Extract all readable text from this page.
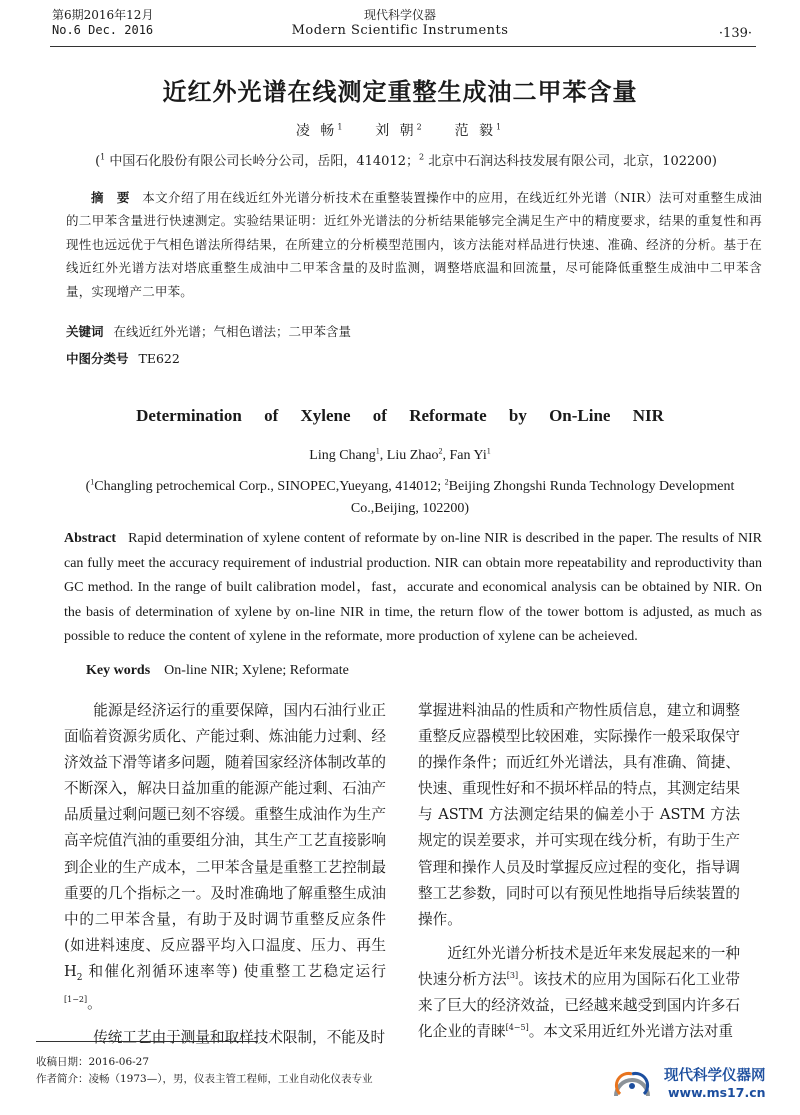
第6期2016年12月
No.6 Dec. 2016
现代科学仪器
Modern Scientific Instruments	·139·
近红外光谱在线测定重整生成油二甲苯含量
凌 畅$^1$ 刘 朝$^2$ 范 毅$^1$
($^1$ 中国石化股份有限公司长岭分公司，岳阳，414012；$^2$ 北京中石润达科技发展有限公司，北京，102200)
摘　要 本文介绍了用在线近红外光谱分析技术在重整装置操作中的应用，在线近红外光谱（NIR）法可对重整生成油的二甲苯含量进行快速测定。实验结果证明：近红外光谱法的分析结果能够完全满足生产中的精度要求，结果的重复性和再现性也远远优于气相色谱法所得结果，在所建立的分析模型范围内，该方法能对样品进行快速、准确、经济的分析。基于在线近红外光谱方法对塔底重整生成油中二甲苯含量的及时监测，调整塔底温和回流量，尽可能降低重整生成油中二甲苯含量，实现增产二甲苯。
关键词 在线近红外光谱；气相色谱法；二甲苯含量
中图分类号 TE622
Determination of Xylene of Reformate by On-Line NIR
Ling Chang$^1$, Liu Zhao$^2$, Fan Yi$^1$
($^1$Changling petrochemical Corp., SINOPEC,Yueyang, 414012; $^2$Beijing Zhongshi Runda Technology Development Co.,Beijing, 102200)
Abstract Rapid determination of xylene content of reformate by on-line NIR is described in the paper. The results of NIR can fully meet the accuracy requirement of industrial production. NIR can obtain more repeatability and reproductivity than GC method. In the range of built calibration model，fast，accurate and economical analysis can be obtained by NIR. On the basis of determination of xylene by on-line NIR in time, the return flow of the tower bottom is adjusted, as much as possible to reduce the content of xylene in the reformate, more production of xylene can be acheieved.
Key words On-line NIR; Xylene; Reformate

能源是经济运行的重要保障，国内石油行业正面临着资源劣质化、产能过剩、炼油能力过剩、经济效益下滑等诸多问题，随着国家经济体制改革的不断深入，解决日益加重的能源产能过剩、石油产品质量过剩问题已刻不容缓。重整生成油作为生产高辛烷值汽油的重要组分油，其生产工艺直接影响到企业的生产成本，二甲苯含量是重整工艺控制最重要的几个指标之一。及时准确地了解重整生成油中的二甲苯含量，有助于及时调节重整反应条件(如进料速度、反应器平均入口温度、压力、再生 $H_2$ 和催化剂循环速率等) 使重整工艺稳定运行[1−2]。

传统工艺由于测量和取样技术限制，不能及时

掌握进料油品的性质和产物性质信息，建立和调整重整反应器模型比较困难，实际操作一般采取保守的操作条件；而近红外光谱法，具有准确、简捷、快速、重现性好和不损坏样品的特点，其测定结果与 ASTM 方法测定结果的偏差小于 ASTM 方法规定的误差要求，并可实现在线分析，有助于生产管理和操作人员及时掌握反应过程的变化，指导调整工艺参数，同时可以有预见性地指导后续装置的操作。

近红外光谱分析技术是近年来发展起来的一种快速分析方法[3]。该技术的应用为国际石化工业带来了巨大的经济效益，已经越来越受到国内许多石化企业的青睐[4−5]。本文采用近红外光谱方法对重

收稿日期：2016-06-27
作者简介：凌畅（1973—），男，仪表主管工程师，工业自动化仪表专业	现代科学仪器网
www.ms17.cn
